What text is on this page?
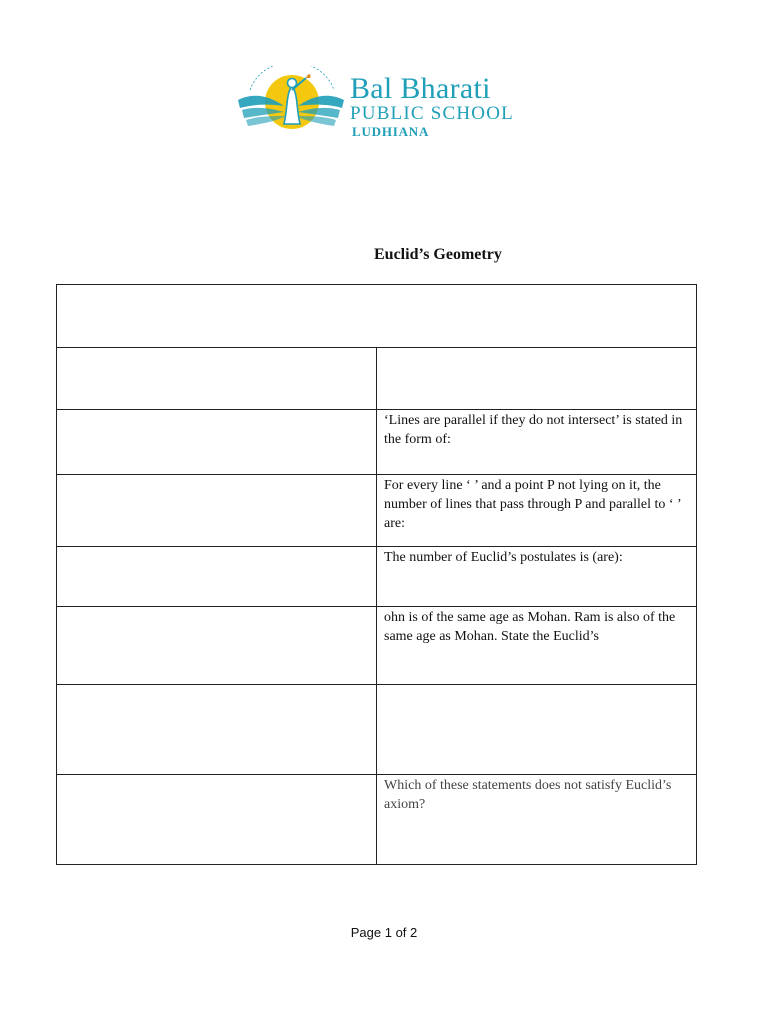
Bal Bharati
PUBLIC SCHOOL
LUDHIANA
Euclid’s Geometry

	‘Lines are parallel if they do not intersect’ is stated in the form of:

	For every line ‘ ’ and a point P not lying on it, the number of lines that pass through P and parallel to ‘ ’ are:

	The number of Euclid’s postulates is (are):

	ohn is of the same age as Mohan. Ram is also of the same age as Mohan. State the Euclid’s

	Which of these statements does not satisfy Euclid’s axiom?
Page 1 of 2
